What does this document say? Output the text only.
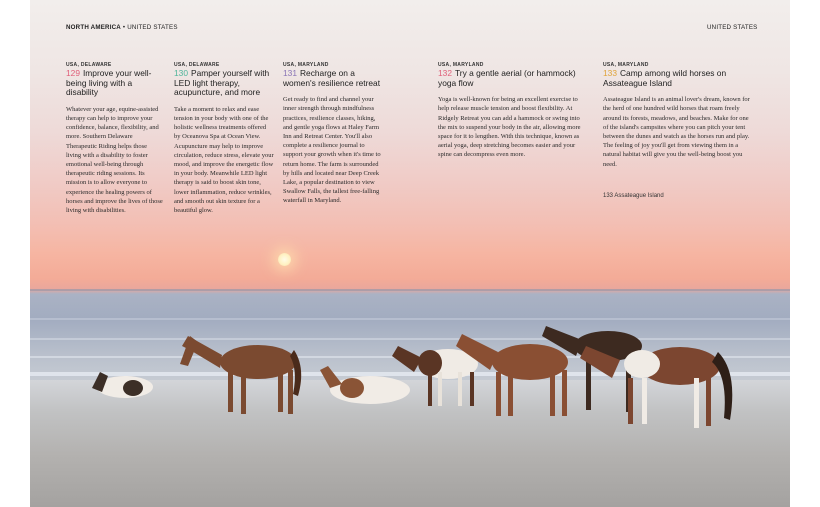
NORTH AMERICA • UNITED STATES	UNITED STATES

USA, DELAWARE

129 Improve your well-being living with a disability

Whatever your age, equine-assisted therapy can help to improve your confidence, balance, flexibility, and more. Southern Delaware Therapeutic Riding helps those living with a disability to foster emotional well-being through therapeutic riding sessions. Its mission is to allow everyone to experience the healing powers of horses and improve the lives of those living with disabilities.

USA, DELAWARE

130 Pamper yourself with LED light therapy, acupuncture, and more

Take a moment to relax and ease tension in your body with one of the holistic wellness treatments offered by Oceanova Spa at Ocean View. Acupuncture may help to improve circulation, reduce stress, elevate your mood, and improve the energetic flow in your body. Meanwhile LED light therapy is said to boost skin tone, lower inflammation, reduce wrinkles, and smooth out skin texture for a beautiful glow.

USA, MARYLAND

131 Recharge on a women's resilience retreat

Get ready to find and channel your inner strength through mindfulness practices, resilience classes, hiking, and gentle yoga flows at Haley Farm Inn and Retreat Center. You'll also complete a resilience journal to support your growth when it's time to return home. The farm is surrounded by hills and located near Deep Creek Lake, a popular destination to view Swallow Falls, the tallest free-falling waterfall in Maryland.

USA, MARYLAND

132 Try a gentle aerial (or hammock) yoga flow

Yoga is well-known for being an excellent exercise to help release muscle tension and boost flexibility. At Ridgely Retreat you can add a hammock or swing into the mix to suspend your body in the air, allowing more space for it to lengthen. With this technique, known as aerial yoga, deep stretching becomes easier and your spine can decompress even more.

USA, MARYLAND

133 Camp among wild horses on Assateague Island

Assateague Island is an animal lover's dream, known for the herd of one hundred wild horses that roam freely around its forests, meadows, and beaches. Make for one of the island's campsites where you can pitch your tent between the dunes and watch as the horses run and play. The feeling of joy you'll get from viewing them in a natural habitat will give you the well-being boost you need.

133 Assateague Island
